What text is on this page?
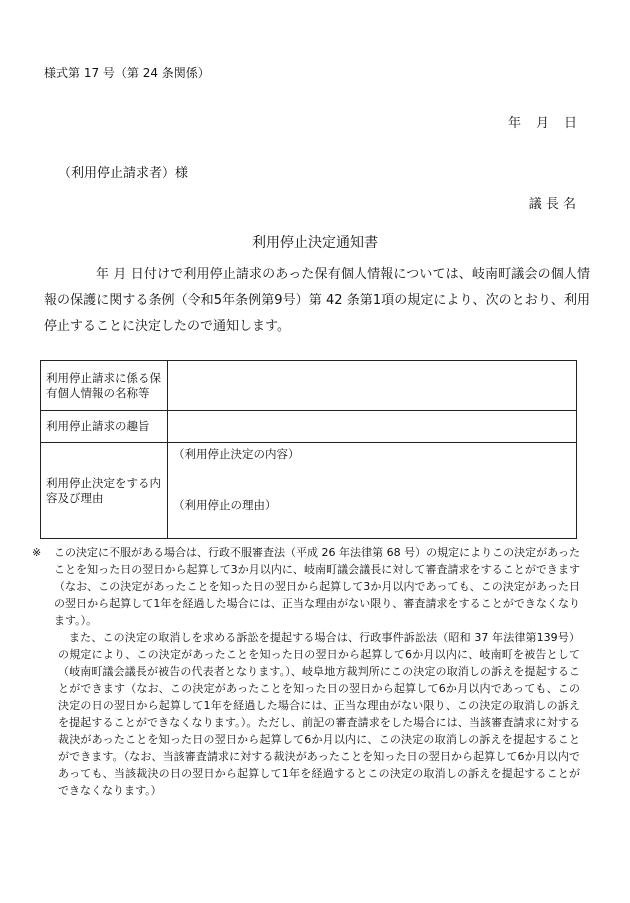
様式第 17 号（第 24 条関係）
年　月　日
（利用停止請求者）様
議 長 名
利用停止決定通知書
年 月 日付けで利用停止請求のあった保有個人情報については、岐南町議会の個人情報の保護に関する条例（令和5年条例第9号）第 42 条第1項の規定により、次のとおり、利用停止することに決定したので通知します。
利用停止請求に係る保有個人情報の名称等	
利用停止請求の趣旨	
利用停止決定をする内容及び理由	（利用停止決定の内容）
（利用停止の理由）

※ この決定に不服がある場合は、行政不服審査法（平成 26 年法律第 68 号）の規定によりこの決定があったことを知った日の翌日から起算して3か月以内に、岐南町議会議長に対して審査請求をすることができます（なお、この決定があったことを知った日の翌日から起算して3か月以内であっても、この決定があった日の翌日から起算して1年を経過した場合には、正当な理由がない限り、審査請求をすることができなくなります。）。

また、この決定の取消しを求める訴訟を提起する場合は、行政事件訴訟法（昭和 37 年法律第139号）の規定により、この決定があったことを知った日の翌日から起算して6か月以内に、岐南町を被告として（岐南町議会議長が被告の代表者となります。）、岐阜地方裁判所にこの決定の取消しの訴えを提起することができます（なお、この決定があったことを知った日の翌日から起算して6か月以内であっても、この決定の日の翌日から起算して1年を経過した場合には、正当な理由がない限り、この決定の取消しの訴えを提起することができなくなります。）。ただし、前記の審査請求をした場合には、当該審査請求に対する裁決があったことを知った日の翌日から起算して6か月以内に、この決定の取消しの訴えを提起することができます。（なお、当該審査請求に対する裁決があったことを知った日の翌日から起算して6か月以内であっても、当該裁決の日の翌日から起算して1年を経過するとこの決定の取消しの訴えを提起することができなくなります。）
